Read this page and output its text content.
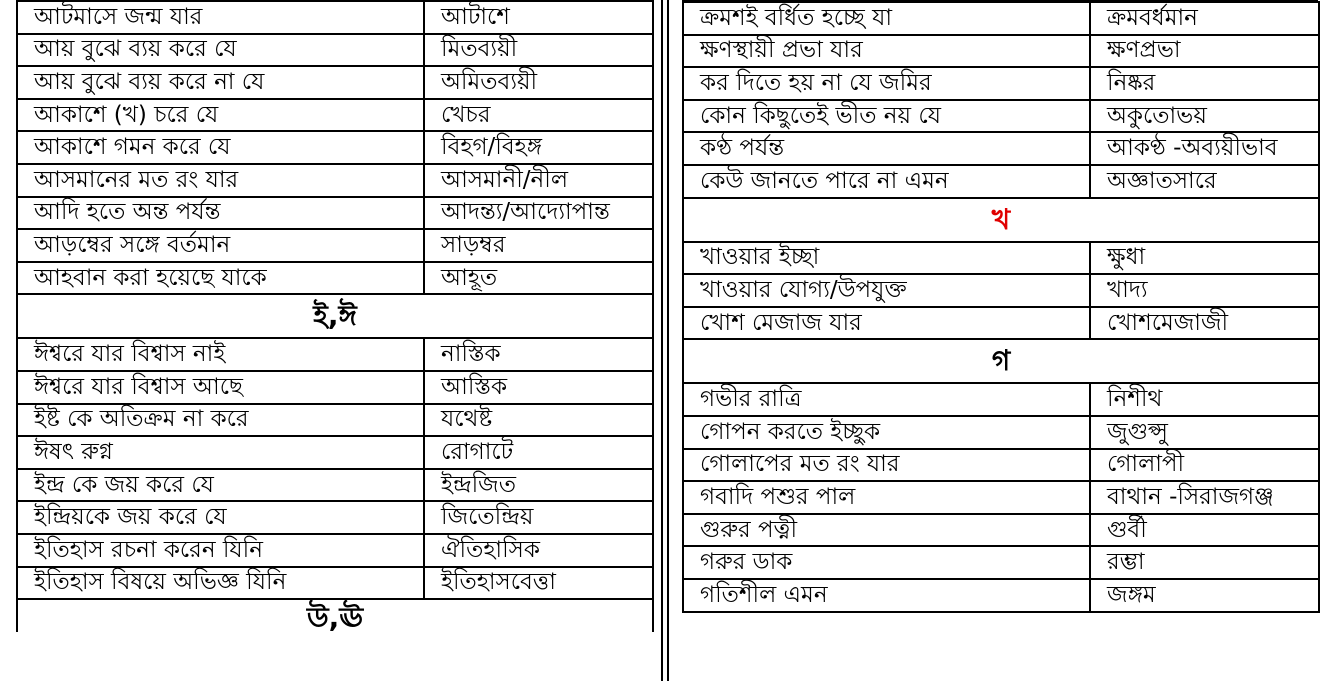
আটমাসে জন্ম যার	আটাশে
আয় বুঝে ব্যয় করে যে	মিতব্যয়ী
আয় বুঝে ব্যয় করে না যে	অমিতব্যয়ী
আকাশে (খ) চরে যে	খেচর
আকাশে গমন করে যে	বিহগ/বিহঙ্গ
আসমানের মত রং যার	আসমানী/নীল
আদি হতে অন্ত পর্যন্ত	আদন্ত্য/আদ্যোপান্ত
আড়ম্বের সঙ্গে বর্তমান	সাড়ম্বর
আহবান করা হয়েছে যাকে	আহূত
ই,ঈ	
ঈশ্বরে যার বিশ্বাস নাই	নাস্তিক
ঈশ্বরে যার বিশ্বাস আছে	আস্তিক
ইষ্ট কে অতিক্রম না করে	যথেষ্ট
ঈষৎ রুগ্ন	রোগাটে
ইন্দ্র কে জয় করে যে	ইন্দ্রজিত
ইন্দ্রিয়কে জয় করে যে	জিতেন্দ্রিয়
ইতিহাস রচনা করেন যিনি	ঐতিহাসিক
ইতিহাস বিষয়ে অভিজ্ঞ যিনি	ইতিহাসবেত্তা

উ,ঊ	
ক্রমশই বর্ধিত হচ্ছে যা	ক্রমবর্ধমান
ক্ষণস্থায়ী প্রভা যার	ক্ষণপ্রভা
কর দিতে হয় না যে জমির	নিষ্কর
কোন কিছুতেই ভীত নয় যে	অকুতোভয়
কণ্ঠ পর্যন্ত	আকণ্ঠ -অব্যয়ীভাব
কেউ জানতে পারে না এমন	অজ্ঞাতসারে
খ	
খাওয়ার ইচ্ছা	ক্ষুধা
খাওয়ার যোগ্য/উপযুক্ত	খাদ্য
খোশ মেজাজ যার	খোশমেজাজী
গ	
গভীর রাত্রি	নিশীথ
গোপন করতে ইচ্ছুক	জুগুপ্সু
গোলাপের মত রং যার	গোলাপী
গবাদি পশুর পাল	বাথান -সিরাজগঞ্জ
গুরুর পত্নী	গুর্বী
গরুর ডাক	রম্ভা
গতিশীল এমন	জঙ্গম
